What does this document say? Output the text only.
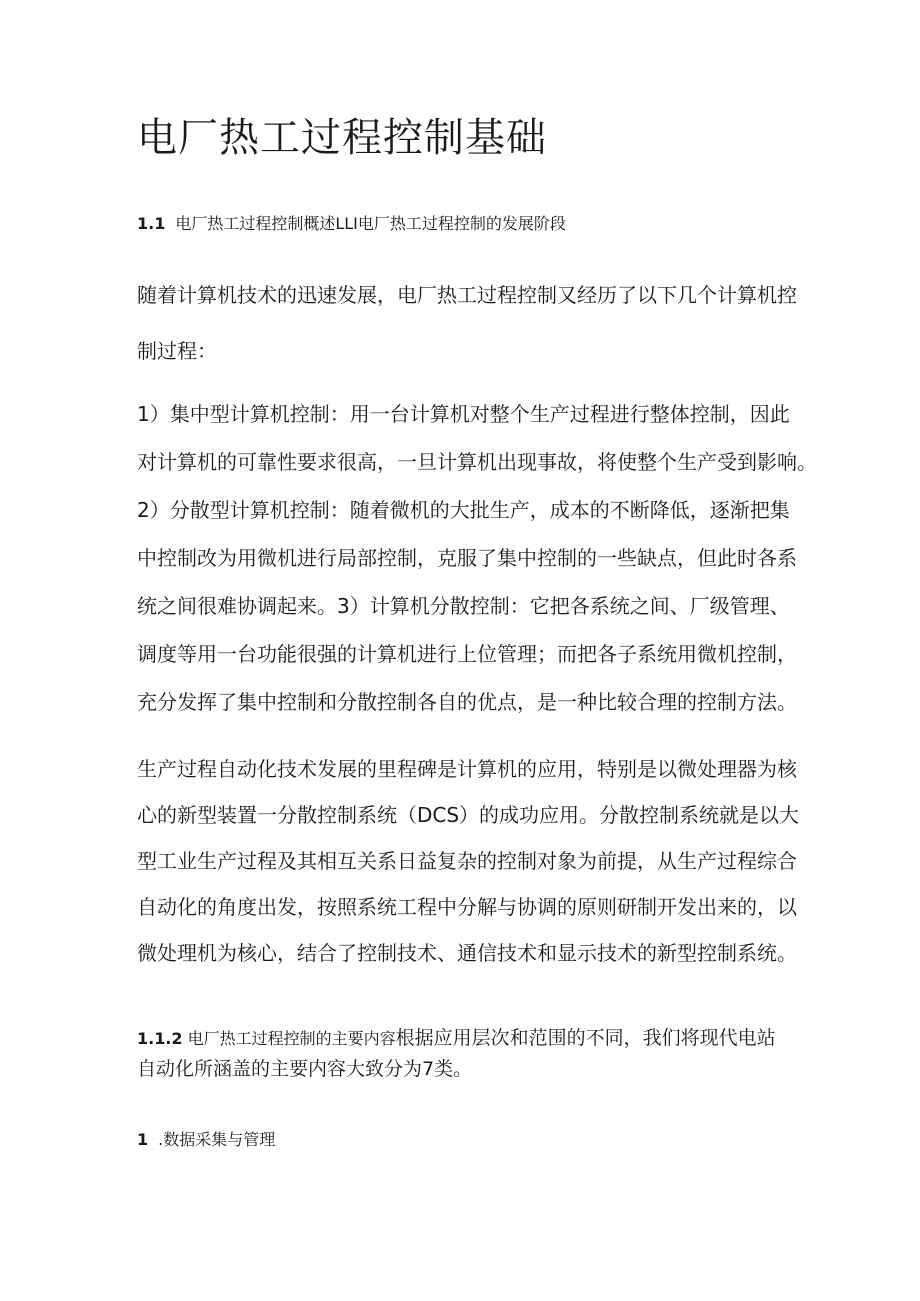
电厂热工过程控制基础

1.1 电厂热工过程控制概述LLI电厂热工过程控制的发展阶段

随着计算机技术的迅速发展，电厂热工过程控制又经历了以下几个计算机控
制过程：

1）集中型计算机控制：用一台计算机对整个生产过程进行整体控制，因此
对计算机的可靠性要求很高，一旦计算机出现事故，将使整个生产受到影响。
2）分散型计算机控制：随着微机的大批生产，成本的不断降低，逐渐把集
中控制改为用微机进行局部控制，克服了集中控制的一些缺点，但此时各系
统之间很难协调起来。3）计算机分散控制：它把各系统之间、厂级管理、
调度等用一台功能很强的计算机进行上位管理；而把各子系统用微机控制，
充分发挥了集中控制和分散控制各自的优点，是一种比较合理的控制方法。

生产过程自动化技术发展的里程碑是计算机的应用，特别是以微处理器为核
心的新型装置一分散控制系统（DCS）的成功应用。分散控制系统就是以大
型工业生产过程及其相互关系日益复杂的控制对象为前提，从生产过程综合
自动化的角度出发，按照系统工程中分解与协调的原则研制开发出来的，以
微处理机为核心，结合了控制技术、通信技术和显示技术的新型控制系统。

1.1.2 电厂热工过程控制的主要内容根据应用层次和范围的不同，我们将现代电站
自动化所涵盖的主要内容大致分为7类。

1 .数据采集与管理
